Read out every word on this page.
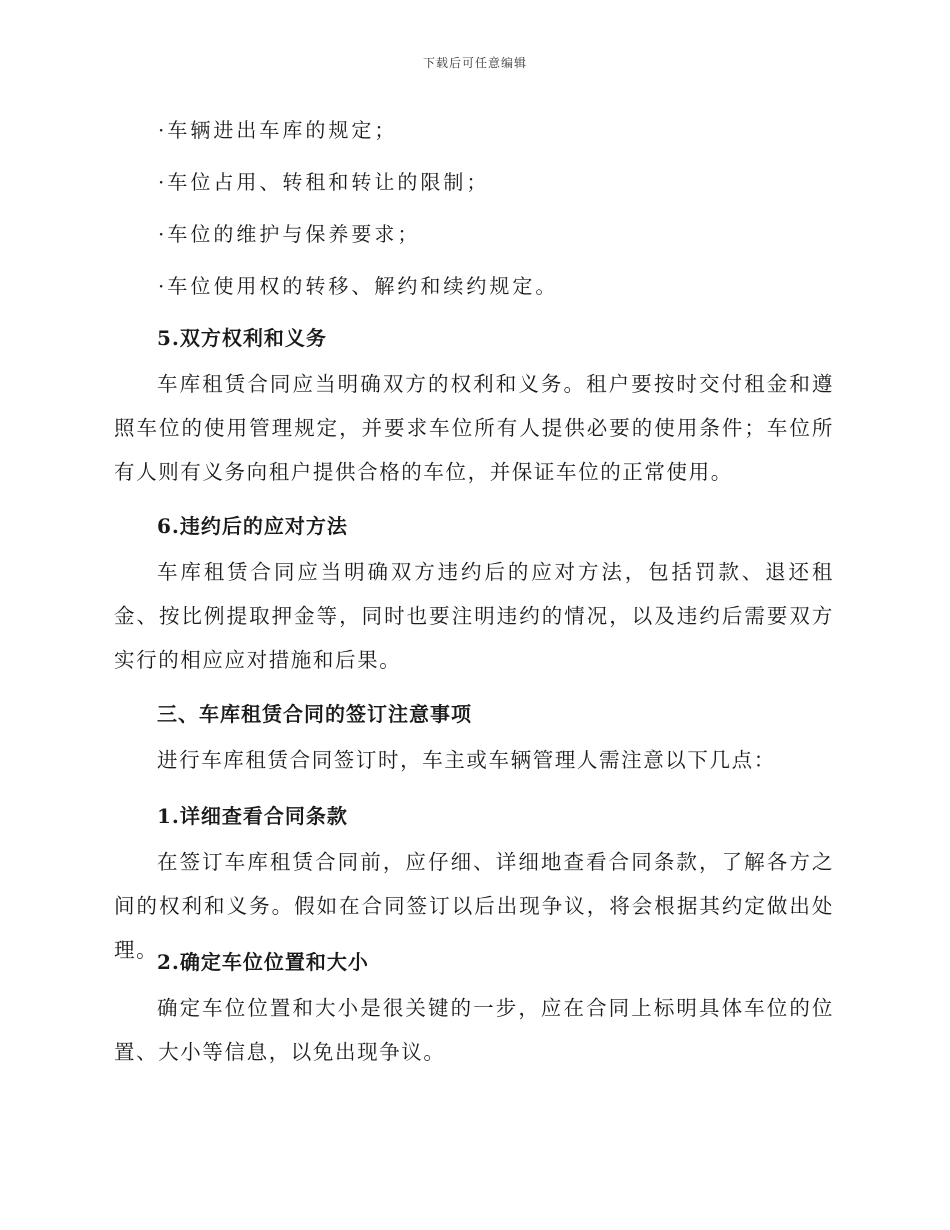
下载后可任意编辑
·车辆进出车库的规定；
·车位占用、转租和转让的限制；
·车位的维护与保养要求；
·车位使用权的转移、解约和续约规定。
5.双方权利和义务
车库租赁合同应当明确双方的权利和义务。租户要按时交付租金和遵照车位的使用管理规定，并要求车位所有人提供必要的使用条件；车位所有人则有义务向租户提供合格的车位，并保证车位的正常使用。
6.违约后的应对方法
车库租赁合同应当明确双方违约后的应对方法，包括罚款、退还租金、按比例提取押金等，同时也要注明违约的情况，以及违约后需要双方实行的相应应对措施和后果。
三、车库租赁合同的签订注意事项
进行车库租赁合同签订时，车主或车辆管理人需注意以下几点：
1.详细查看合同条款
在签订车库租赁合同前，应仔细、详细地查看合同条款，了解各方之间的权利和义务。假如在合同签订以后出现争议，将会根据其约定做出处理。
2.确定车位位置和大小
确定车位位置和大小是很关键的一步，应在合同上标明具体车位的位置、大小等信息，以免出现争议。
